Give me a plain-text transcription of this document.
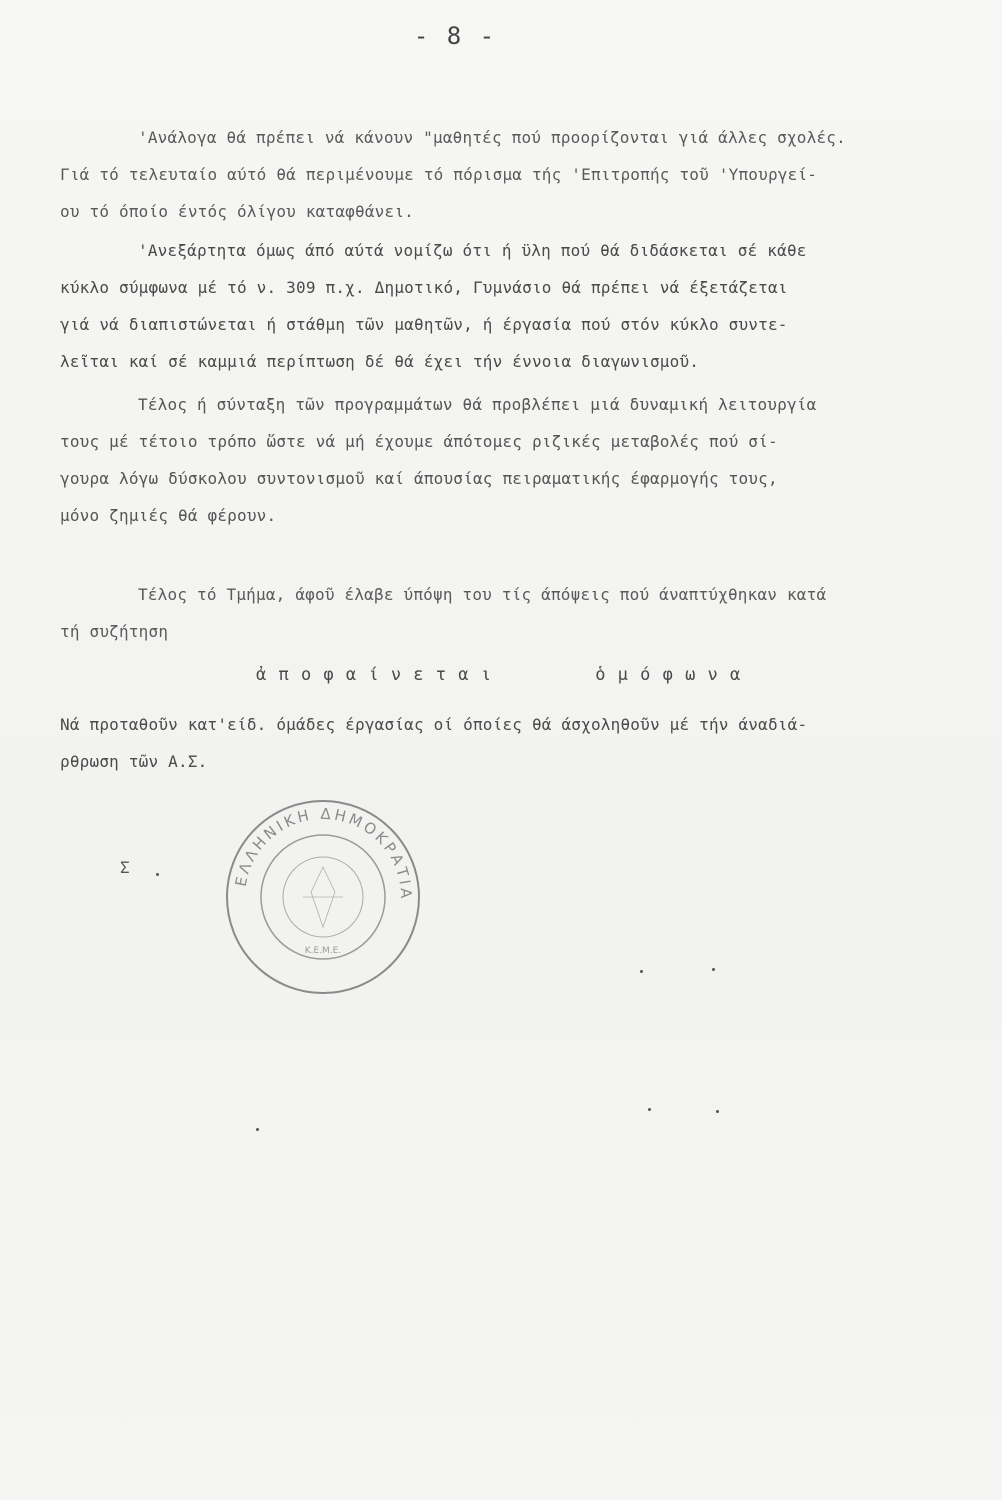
- 8 -
'Ανάλογα θά πρέπει νά κάνουν "μαθητές πού προορίζονται γιά άλλες σχολές.
Γιά τό τελευταίο αύτό θά περιμένουμε τό πόρισμα τής 'Επιτροπής τοῦ 'Υπουργεί-
ου τό όποίο έντός όλίγου καταφθάνει.
'Ανεξάρτητα όμως άπό αύτά νομίζω ότι ή ϋλη πού θά διδάσκεται σέ κάθε
κύκλο σύμφωνα μέ τό ν. 309 π.χ. Δημοτικό, Γυμνάσιο θά πρέπει νά έξετάζεται
γιά νά διαπιστώνεται ή στάθμη τῶν μαθητῶν, ή έργασία πού στόν κύκλο συντε-
λεῖται καί σέ καμμιά περίπτωση δέ θά έχει τήν έννοια διαγωνισμοῦ.
Τέλος ή σύνταξη τῶν προγραμμάτων θά προβλέπει μιά δυναμική λειτουργία
τους μέ τέτοιο τρόπο ὥστε νά μή έχουμε άπότομες ριζικές μεταβολές πού σί-
γουρα λόγω δύσκολου συντονισμοῦ καί άπουσίας πειραματικής έφαρμογής τους,
μόνο ζημιές θά φέρουν.
Τέλος τό Τμήμα, άφοῦ έλαβε ύπόψη του τίς άπόψεις πού άναπτύχθηκαν κατά
τή συζήτηση
ἀ π ο φ α ί ν ε τ α ι	ὁ μ ό φ ω ν α
Νά προταθοῦν κατ'είδ. όμάδες έργασίας οί όποίες θά άσχοληθοῦν μέ τήν άναδιά-
ρθρωση τῶν Α.Σ.
Σ
ΕΛΛΗΝΙΚΗ ΔΗΜΟΚΡΑΤΙΑ
Κ.Ε.Μ.Ε.
